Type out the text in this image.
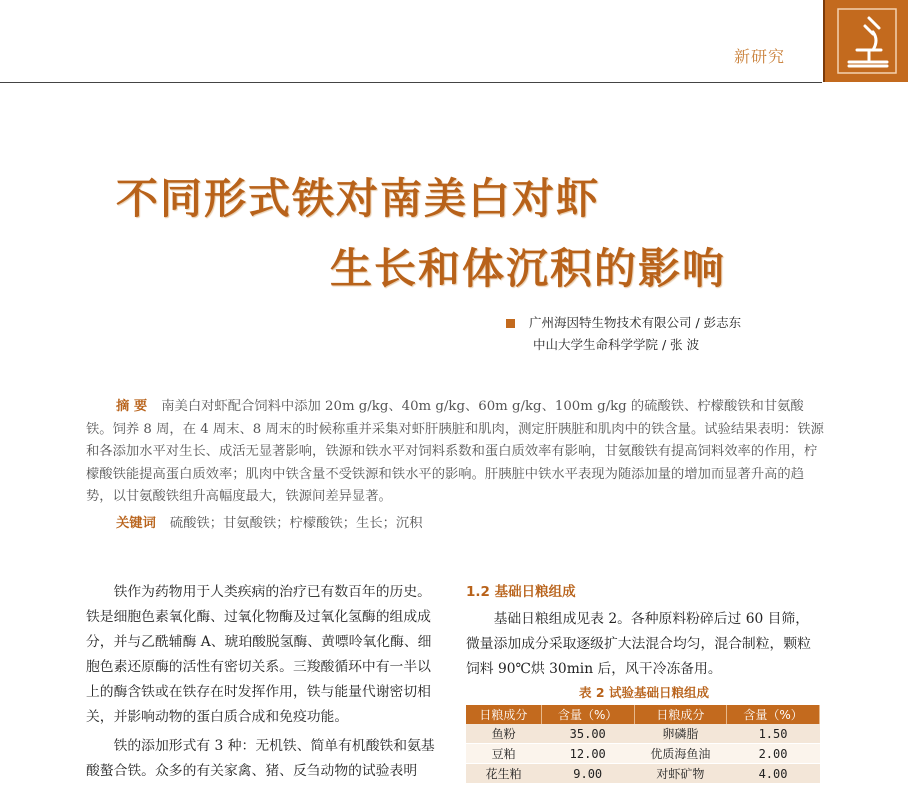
新研究
不同形式铁对南美白对虾
生长和体沉积的影响
广州海因特生物技术有限公司 / 彭志东
中山大学生命科学学院 / 张 波
摘 要 南美白对虾配合饲料中添加 20m g/kg、40m g/kg、60m g/kg、100m g/kg 的硫酸铁、柠檬酸铁和甘氨酸铁。饲养 8 周，在 4 周末、8 周末的时候称重并采集对虾肝胰脏和肌肉，测定肝胰脏和肌肉中的铁含量。试验结果表明：铁源和各添加水平对生长、成活无显著影响，铁源和铁水平对饲料系数和蛋白质效率有影响，甘氨酸铁有提高饲料效率的作用，柠檬酸铁能提高蛋白质效率；肌肉中铁含量不受铁源和铁水平的影响。肝胰脏中铁水平表现为随添加量的增加而显著升高的趋势，以甘氨酸铁组升高幅度最大，铁源间差异显著。
关键词 硫酸铁；甘氨酸铁；柠檬酸铁；生长；沉积

铁作为药物用于人类疾病的治疗已有数百年的历史。铁是细胞色素氧化酶、过氧化物酶及过氧化氢酶的组成成分，并与乙酰辅酶 A、琥珀酸脱氢酶、黄嘌呤氧化酶、细胞色素还原酶的活性有密切关系。三羧酸循环中有一半以上的酶含铁或在铁存在时发挥作用，铁与能量代谢密切相关，并影响动物的蛋白质合成和免疫功能。

铁的添加形式有 3 种：无机铁、简单有机酸铁和氨基酸螯合铁。众多的有关家禽、猪、反刍动物的试验表明

1.2 基础日粮组成

基础日粮组成见表 2。各种原料粉碎后过 60 目筛，微量添加成分采取逐级扩大法混合均匀，混合制粒，颗粒饲料 90℃烘 30min 后，风干冷冻备用。

表 2 试验基础日粮组成
日粮成分	含量（%）	日粮成分	含量（%）
鱼粉	35.00	卵磷脂	1.50
豆粕	12.00	优质海鱼油	2.00
花生粕	9.00	对虾矿物	4.00
